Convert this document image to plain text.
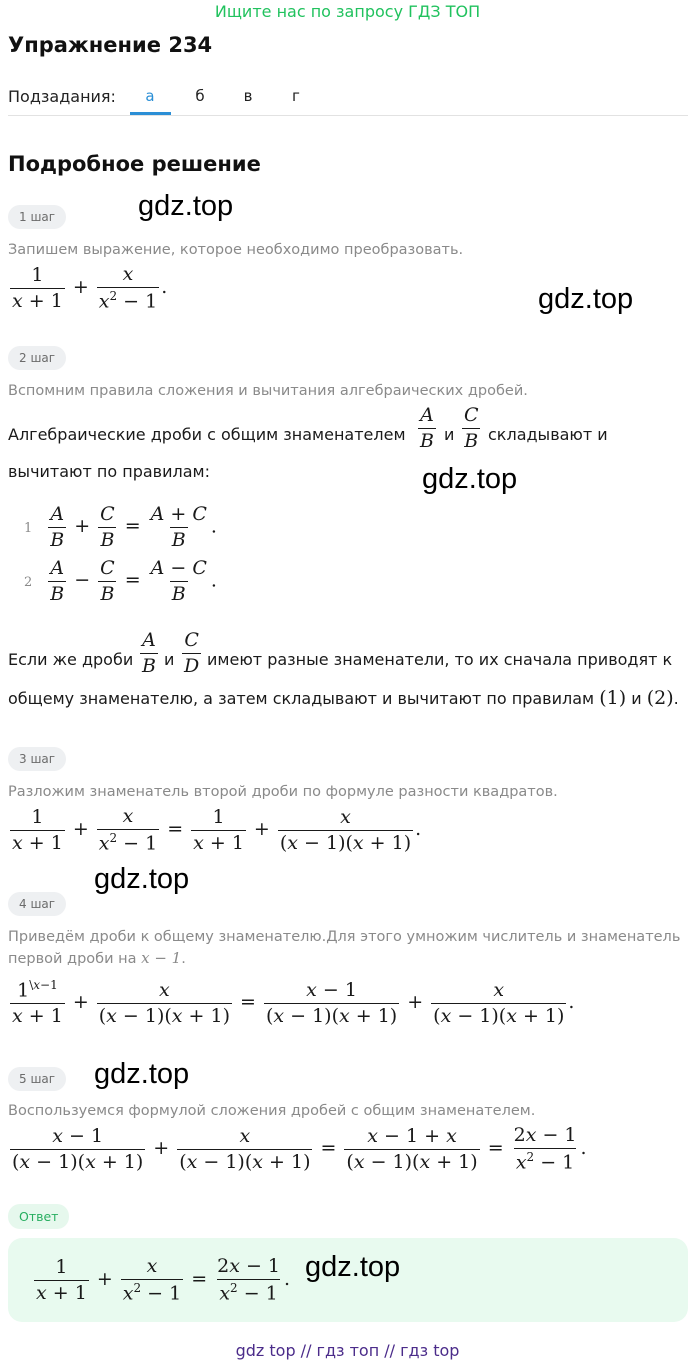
Ищите нас по запросу ГДЗ ТОП
Упражнение 234
Подзадания:	а	б	в	г
Подробное решение
1 шаг	gdz.top
Запишем выражение, которое необходимо преобразовать.
$\frac{1}{x + 1} + \frac{x}{x^2 - 1}$ .	gdz.top
2 шаг
Вспомним правила сложения и вычитания алгебраических дробей.
Алгебраические дроби с общим знаменателем $\frac{A}{B}$ и $\frac{C}{B}$ складывают и
вычитают по правилам:	gdz.top
$1 \frac{A}{B} + \frac{C}{B} = \frac{A + C}{B}$ .
$2 \frac{A}{B} - \frac{C}{B} = \frac{A - C}{B}$ .
Если же дроби $\frac{A}{B}$ и $\frac{C}{D}$ имеют разные знаменатели, то их сначала приводят к
общему знаменателю, а затем складывают и вычитают по правилам (1) и (2).
3 шаг
Разложим знаменатель второй дроби по формуле разности квадратов.
$\frac{1}{x + 1} + \frac{x}{x^2 - 1} = \frac{1}{x + 1} + \frac{x}{(x - 1)(x + 1)}$ .
gdz.top
4 шаг
Приведём дроби к общему знаменателю.Для этого умножим числитель и знаменатель
первой дроби на x − 1.
$\frac{1^{\backslash x-1}}{x + 1} + \frac{x}{(x - 1)(x + 1)} = \frac{x - 1}{(x - 1)(x + 1)} + \frac{x}{(x - 1)(x + 1)}$ .
5 шаг	gdz.top
Воспользуемся формулой сложения дробей с общим знаменателем.
$\frac{x - 1}{(x - 1)(x + 1)} + \frac{x}{(x - 1)(x + 1)} = \frac{x - 1 + x}{(x - 1)(x + 1)} = \frac{2x - 1}{x^2 - 1}$ .
Ответ
$\frac{1}{x + 1} + \frac{x}{x^2 - 1} = \frac{2x - 1}{x^2 - 1}$ . gdz.top
gdz top // гдз топ // гдз top
